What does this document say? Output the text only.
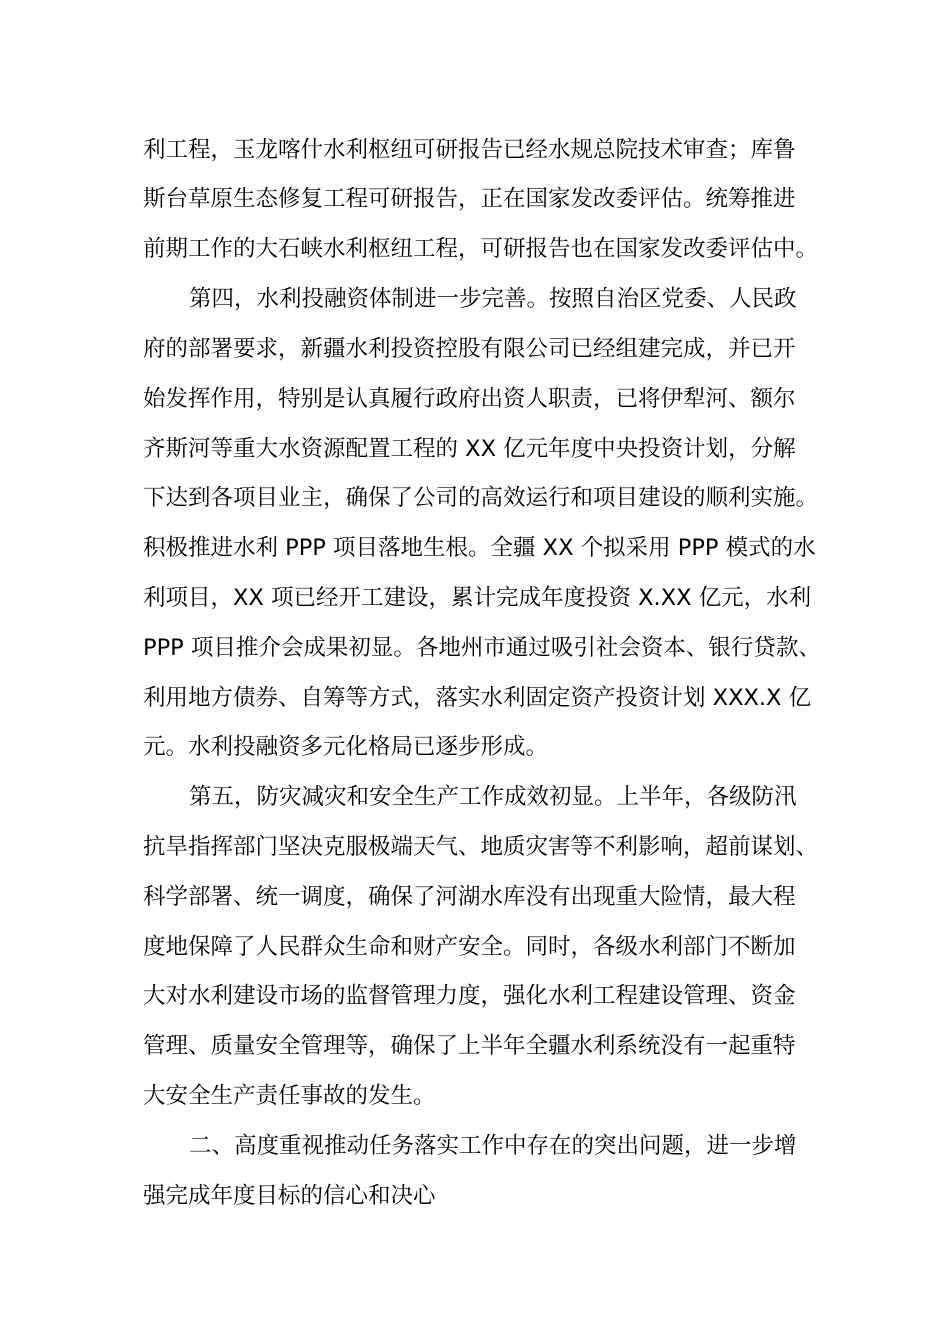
利工程，玉龙喀什水利枢纽可研报告已经水规总院技术审查；库鲁

斯台草原生态修复工程可研报告，正在国家发改委评估。统筹推进

前期工作的大石峡水利枢纽工程，可研报告也在国家发改委评估中。

第四，水利投融资体制进一步完善。按照自治区党委、人民政

府的部署要求，新疆水利投资控股有限公司已经组建完成，并已开

始发挥作用，特别是认真履行政府出资人职责，已将伊犁河、额尔

齐斯河等重大水资源配置工程的 XX 亿元年度中央投资计划，分解

下达到各项目业主，确保了公司的高效运行和项目建设的顺利实施。

积极推进水利 PPP 项目落地生根。全疆 XX 个拟采用 PPP 模式的水

利项目，XX 项已经开工建设，累计完成年度投资 X.XX 亿元，水利

PPP 项目推介会成果初显。各地州市通过吸引社会资本、银行贷款、

利用地方债券、自筹等方式，落实水利固定资产投资计划 XXX.X 亿

元。水利投融资多元化格局已逐步形成。

第五，防灾减灾和安全生产工作成效初显。上半年，各级防汛

抗旱指挥部门坚决克服极端天气、地质灾害等不利影响，超前谋划、

科学部署、统一调度，确保了河湖水库没有出现重大险情，最大程

度地保障了人民群众生命和财产安全。同时，各级水利部门不断加

大对水利建设市场的监督管理力度，强化水利工程建设管理、资金

管理、质量安全管理等，确保了上半年全疆水利系统没有一起重特

大安全生产责任事故的发生。

二、高度重视推动任务落实工作中存在的突出问题，进一步增

强完成年度目标的信心和决心
